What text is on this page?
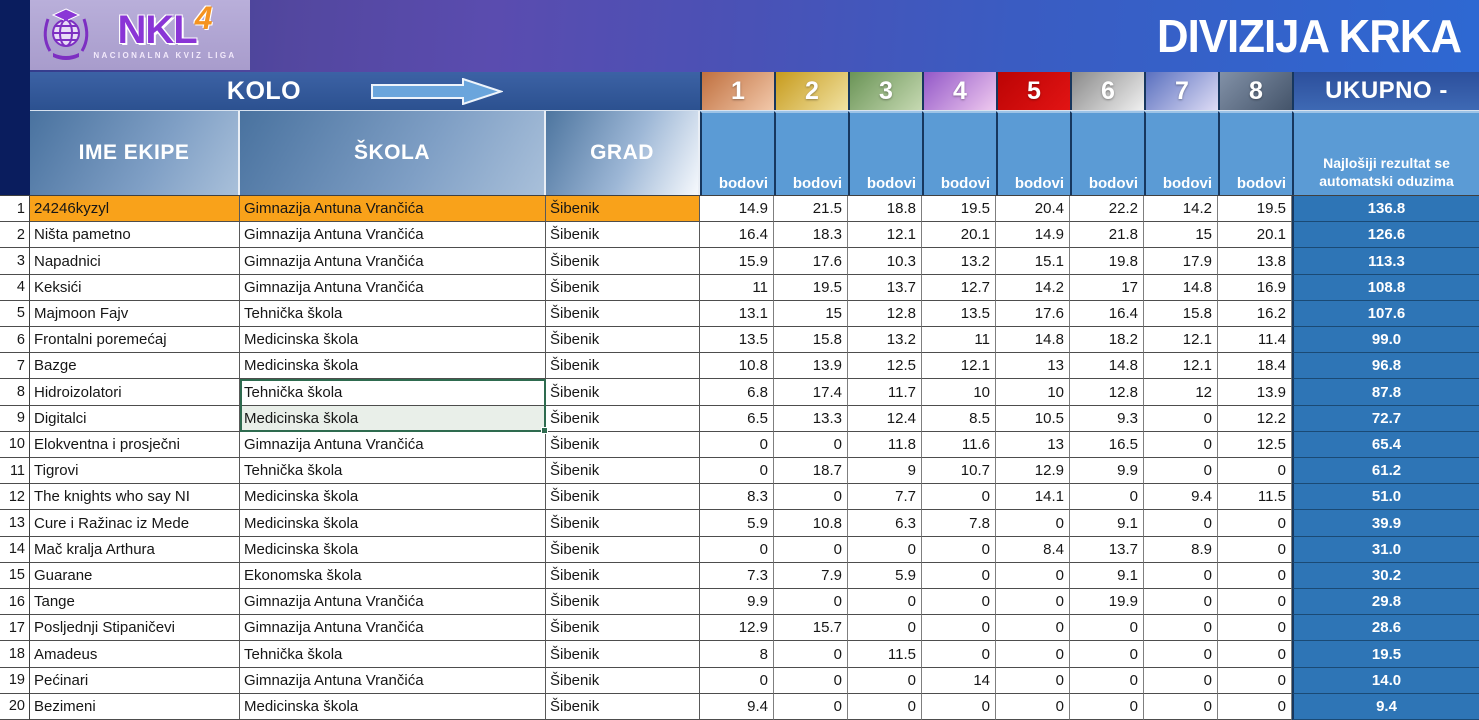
NKL
4
NACIONALNA KVIZ LIGA	DIVIZIJA KRKA
KOLO	1	2	3	4	5	6	7	8	UKUPNO -
IME EKIPE	ŠKOLA	GRAD
bodovi	bodovi	bodovi	bodovi	bodovi	bodovi	bodovi	bodovi
Najlošiji rezultat se automatski oduzima
1 24246kyzyl	Gimnazija Antuna Vrančića	Šibenik	14.9	21.5	18.8	19.5	20.4	22.2	14.2	19.5	136.8
2 Ništa pametno	Gimnazija Antuna Vrančića	Šibenik	16.4	18.3	12.1	20.1	14.9	21.8	15	20.1	126.6
3 Napadnici	Gimnazija Antuna Vrančića	Šibenik	15.9	17.6	10.3	13.2	15.1	19.8	17.9	13.8	113.3
4 Keksići	Gimnazija Antuna Vrančića	Šibenik	11	19.5	13.7	12.7	14.2	17	14.8	16.9	108.8
5 Majmoon Fajv	Tehnička škola	Šibenik	13.1	15	12.8	13.5	17.6	16.4	15.8	16.2	107.6
6 Frontalni poremećaj	Medicinska škola	Šibenik	13.5	15.8	13.2	11	14.8	18.2	12.1	11.4	99.0
7 Bazge	Medicinska škola	Šibenik	10.8	13.9	12.5	12.1	13	14.8	12.1	18.4	96.8
8 Hidroizolatori	Tehnička škola	Šibenik	6.8	17.4	11.7	10	10	12.8	12	13.9	87.8
9 Digitalci	Medicinska škola	Šibenik	6.5	13.3	12.4	8.5	10.5	9.3	0	12.2	72.7
10 Elokventna i prosječni	Gimnazija Antuna Vrančića	Šibenik	0	0	11.8	11.6	13	16.5	0	12.5	65.4
11 Tigrovi	Tehnička škola	Šibenik	0	18.7	9	10.7	12.9	9.9	0	0	61.2
12 The knights who say NI	Medicinska škola	Šibenik	8.3	0	7.7	0	14.1	0	9.4	11.5	51.0
13 Cure i Ražinac iz Mede	Medicinska škola	Šibenik	5.9	10.8	6.3	7.8	0	9.1	0	0	39.9
14 Mač kralja Arthura	Medicinska škola	Šibenik	0	0	0	0	8.4	13.7	8.9	0	31.0
15 Guarane	Ekonomska škola	Šibenik	7.3	7.9	5.9	0	0	9.1	0	0	30.2
16 Tange	Gimnazija Antuna Vrančića	Šibenik	9.9	0	0	0	0	19.9	0	0	29.8
17 Posljednji Stipaničevi	Gimnazija Antuna Vrančića	Šibenik	12.9	15.7	0	0	0	0	0	0	28.6
18 Amadeus	Tehnička škola	Šibenik	8	0	11.5	0	0	0	0	0	19.5
19 Pećinari	Gimnazija Antuna Vrančića	Šibenik	0	0	0	14	0	0	0	0	14.0
20 Bezimeni	Medicinska škola	Šibenik	9.4	0	0	0	0	0	0	0	9.4
